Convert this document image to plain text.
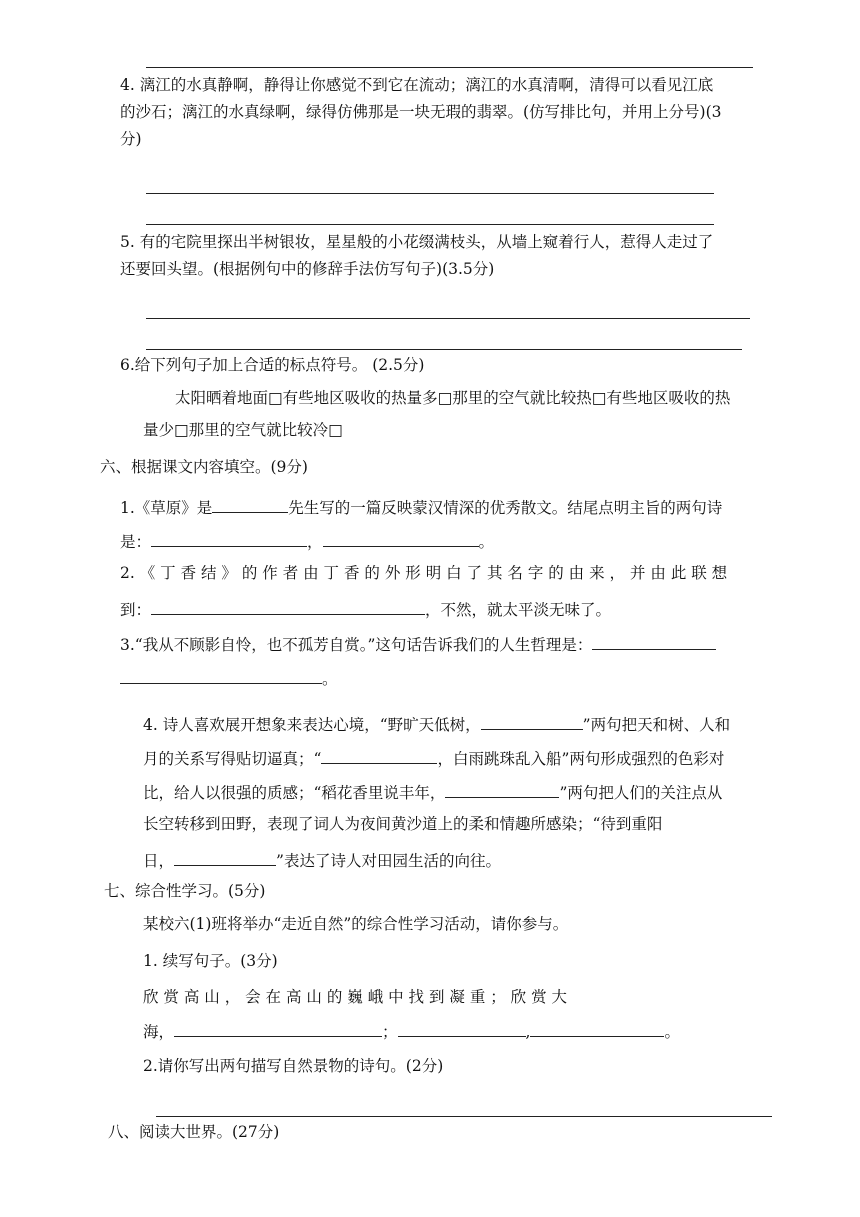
4. 漓江的水真静啊，静得让你感觉不到它在流动；漓江的水真清啊，清得可以看见江底
的沙石；漓江的水真绿啊，绿得仿佛那是一块无瑕的翡翠。(仿写排比句，并用上分号)(3
分)
5. 有的宅院里探出半树银妆，星星般的小花缀满枝头，从墙上窥着行人，惹得人走过了
还要回头望。(根据例句中的修辞手法仿写句子)(3.5分)
6.给下列句子加上合适的标点符号。 (2.5分)
太阳晒着地面□有些地区吸收的热量多□那里的空气就比较热□有些地区吸收的热
量少□那里的空气就比较冷□
六、根据课文内容填空。(9分)
1.《草原》是	先生写的一篇反映蒙汉情深的优秀散文。结尾点明主旨的两句诗
是：	，	。
2. 《 丁 香 结 》 的 作 者 由 丁 香 的 外 形 明 白 了 其 名 字 的 由 来 ， 并 由 此 联 想
到：	，不然，就太平淡无味了。
3.“我从不顾影自怜，也不孤芳自赏。”这句话告诉我们的人生哲理是：
。
4. 诗人喜欢展开想象来表达心境，“野旷天低树，	”两句把天和树、人和
月的关系写得贴切逼真；“	，白雨跳珠乱入船”两句形成强烈的色彩对
比，给人以很强的质感；“稻花香里说丰年，	”两句把人们的关注点从
长空转移到田野，表现了词人为夜间黄沙道上的柔和情趣所感染；“待到重阳
日，	”表达了诗人对田园生活的向往。
七、综合性学习。(5分)
某校六(1)班将举办“走近自然”的综合性学习活动，请你参与。
1. 续写句子。(3分)
欣 赏 高 山 ， 会 在 高 山 的 巍 峨 中 找 到 凝 重 ； 欣 赏 大
海，	；	,	。
2.请你写出两句描写自然景物的诗句。(2分)
八、阅读大世界。(27分)
